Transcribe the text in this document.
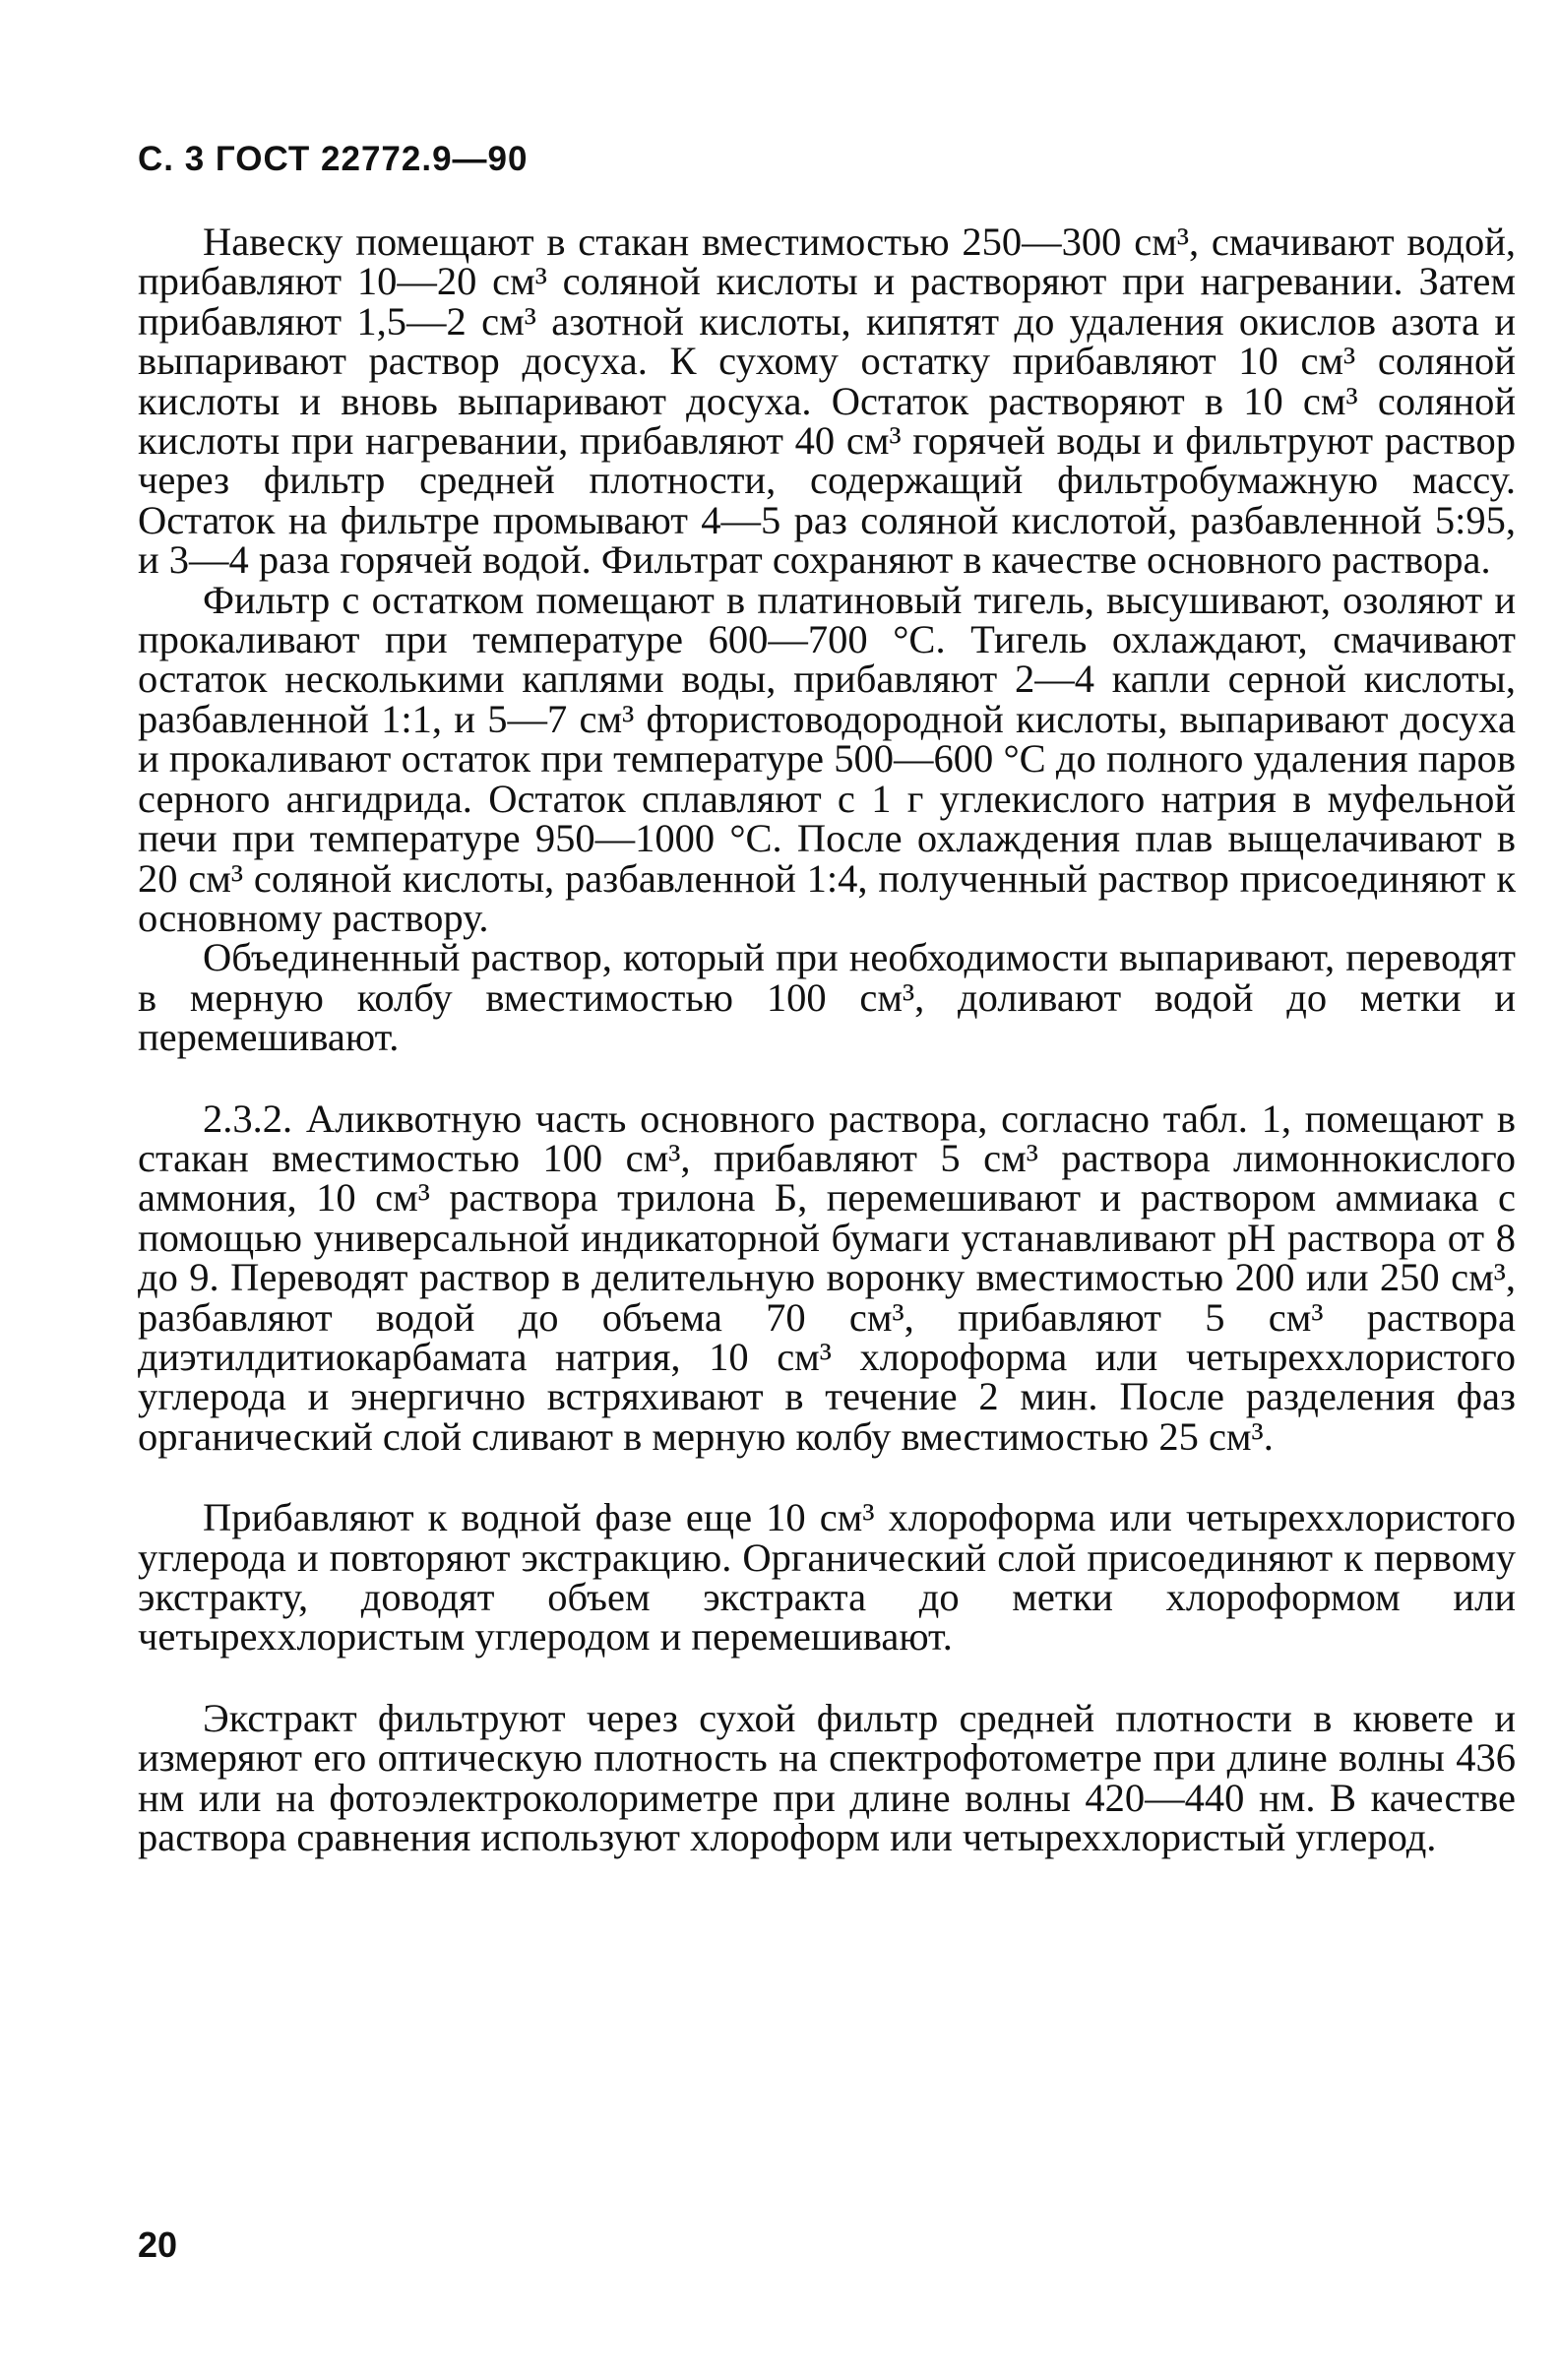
С. 3 ГОСТ 22772.9—90

Навеску помещают в стакан вместимостью 250—300 см³, смачивают водой, прибавляют 10—20 см³ соляной кислоты и растворяют при нагревании. Затем прибавляют 1,5—2 см³ азотной кислоты, кипятят до удаления окислов азота и выпаривают раствор досуха. К сухому остатку прибавляют 10 см³ соляной кислоты и вновь выпаривают досуха. Остаток растворяют в 10 см³ соляной кислоты при нагревании, прибавляют 40 см³ горячей воды и фильтруют раствор через фильтр средней плотности, содержащий фильтробумажную массу. Остаток на фильтре промывают 4—5 раз соляной кислотой, разбавленной 5:95, и 3—4 раза горячей водой. Фильтрат сохраняют в качестве основного раствора.

Фильтр с остатком помещают в платиновый тигель, высушивают, озоляют и прокаливают при температуре 600—700 °С. Тигель охлаждают, смачивают остаток несколькими каплями воды, прибавляют 2—4 капли серной кислоты, разбавленной 1:1, и 5—7 см³ фтористоводородной кислоты, выпаривают досуха и прокаливают остаток при температуре 500—600 °С до полного удаления паров серного ангидрида. Остаток сплавляют с 1 г углекислого натрия в муфельной печи при температуре 950—1000 °С. После охлаждения плав выщелачивают в 20 см³ соляной кислоты, разбавленной 1:4, полученный раствор присоединяют к основному раствору.

Объединенный раствор, который при необходимости выпаривают, переводят в мерную колбу вместимостью 100 см³, доливают водой до метки и перемешивают.

2.3.2. Аликвотную часть основного раствора, согласно табл. 1, помещают в стакан вместимостью 100 см³, прибавляют 5 см³ раствора лимоннокислого аммония, 10 см³ раствора трилона Б, перемешивают и раствором аммиака с помощью универсальной индикаторной бумаги устанавливают pH раствора от 8 до 9. Переводят раствор в делительную воронку вместимостью 200 или 250 см³, разбавляют водой до объема 70 см³, прибавляют 5 см³ раствора диэтилдитиокарбамата натрия, 10 см³ хлороформа или четыреххлористого углерода и энергично встряхивают в течение 2 мин. После разделения фаз органический слой сливают в мерную колбу вместимостью 25 см³.

Прибавляют к водной фазе еще 10 см³ хлороформа или четыреххлористого углерода и повторяют экстракцию. Органический слой присоединяют к первому экстракту, доводят объем экстракта до метки хлороформом или четыреххлористым углеродом и перемешивают.

Экстракт фильтруют через сухой фильтр средней плотности в кювете и измеряют его оптическую плотность на спектрофотометре при длине волны 436 нм или на фотоэлектроколориметре при длине волны 420—440 нм. В качестве раствора сравнения используют хлороформ или четыреххлористый углерод.

20
